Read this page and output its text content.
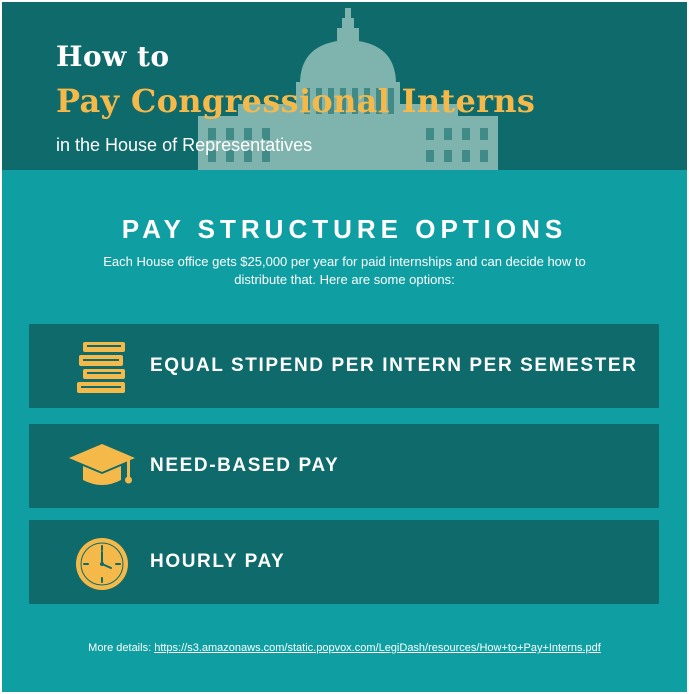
How to
Pay Congressional Interns
in the House of Representatives
PAY STRUCTURE OPTIONS
Each House office gets $25,000 per year for paid internships and can decide how to distribute that. Here are some options:
EQUAL STIPEND PER INTERN PER SEMESTER
NEED-BASED PAY
HOURLY PAY
More details: https://s3.amazonaws.com/static.popvox.com/LegiDash/resources/How+to+Pay+Interns.pdf
